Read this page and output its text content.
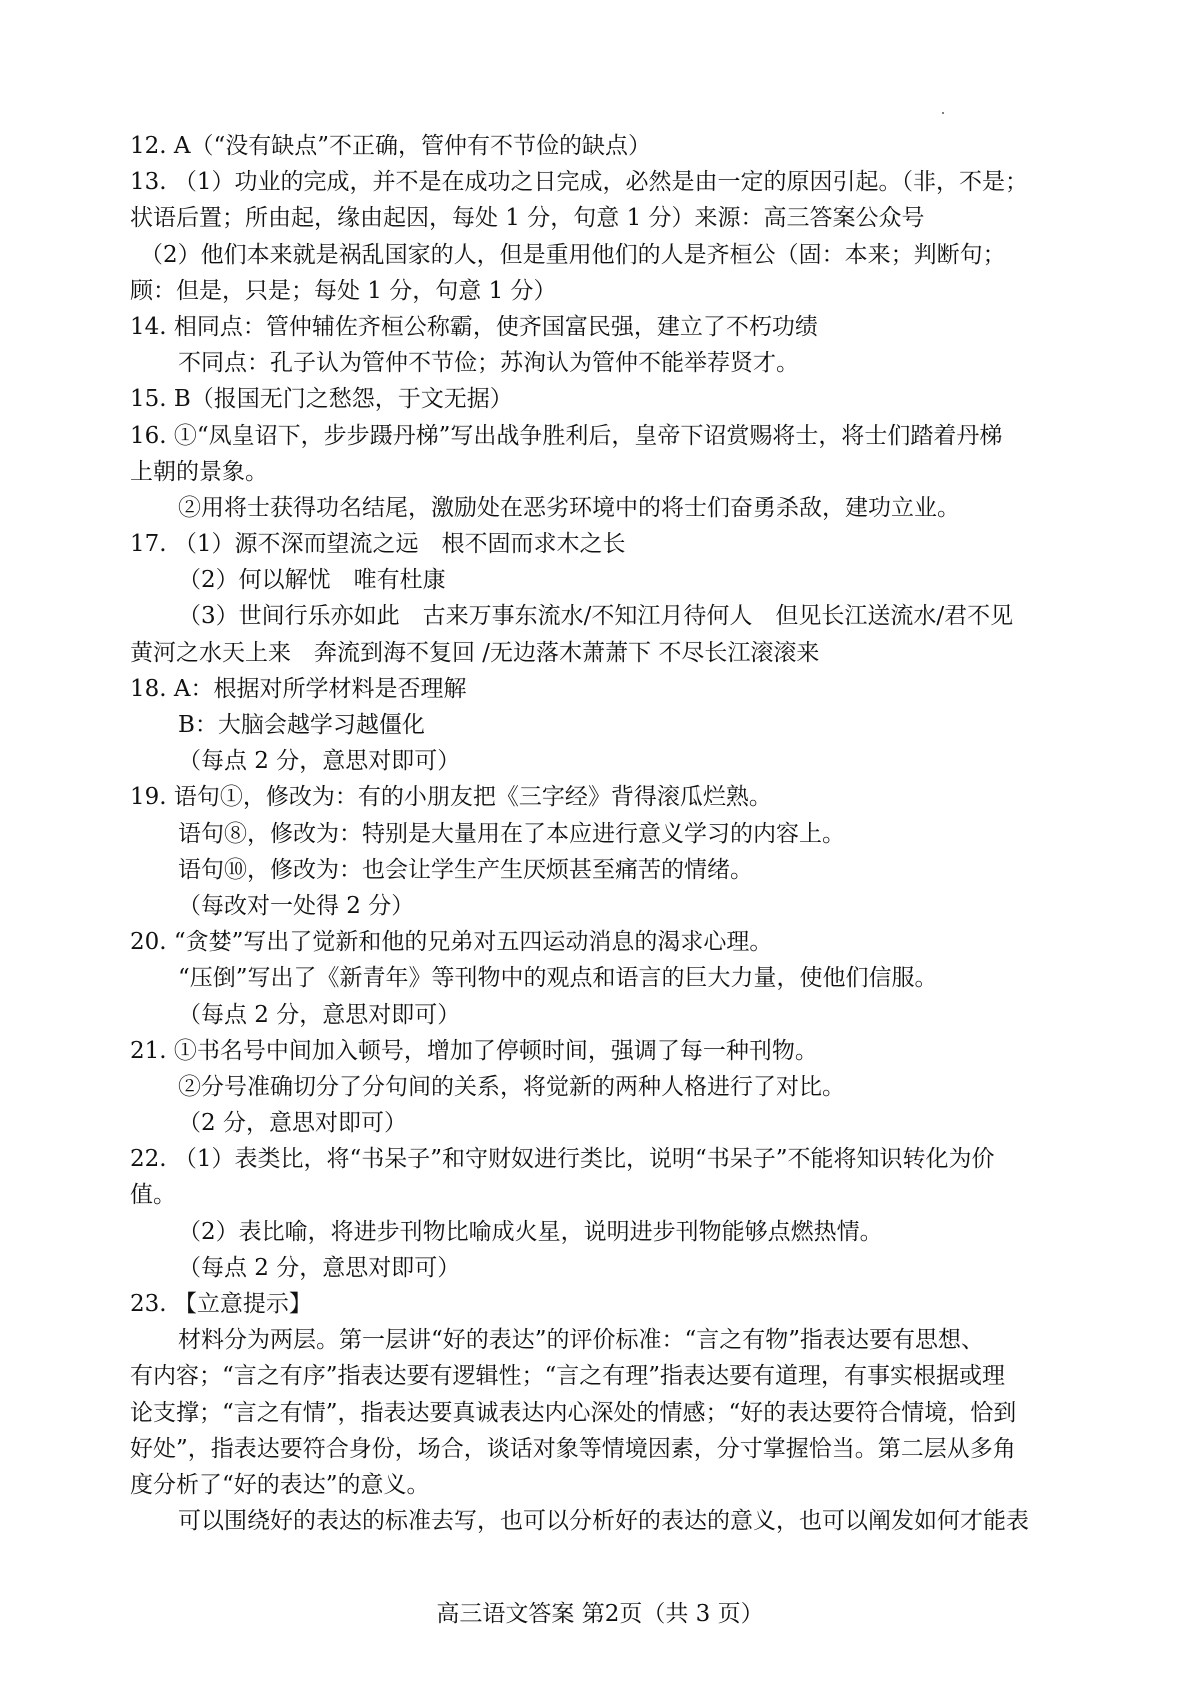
12. A（“没有缺点”不正确，管仲有不节俭的缺点）
13. （1）功业的完成，并不是在成功之日完成，必然是由一定的原因引起。（非，不是；
状语后置；所由起，缘由起因，每处 1 分，句意 1 分）来源：高三答案公众号
（2）他们本来就是祸乱国家的人，但是重用他们的人是齐桓公（固：本来；判断句；
顾：但是，只是；每处 1 分，句意 1 分）
14. 相同点：管仲辅佐齐桓公称霸，使齐国富民强，建立了不朽功绩
不同点：孔子认为管仲不节俭；苏洵认为管仲不能举荐贤才。
15. B（报国无门之愁怨，于文无据）
16. ①“凤皇诏下，步步蹑丹梯”写出战争胜利后，皇帝下诏赏赐将士，将士们踏着丹梯
上朝的景象。
②用将士获得功名结尾，激励处在恶劣环境中的将士们奋勇杀敌，建功立业。
17. （1）源不深而望流之远　根不固而求木之长
（2）何以解忧　唯有杜康
（3）世间行乐亦如此　古来万事东流水/不知江月待何人　但见长江送流水/君不见
黄河之水天上来　奔流到海不复回 /无边落木萧萧下 不尽长江滚滚来
18. A：根据对所学材料是否理解
B：大脑会越学习越僵化
（每点 2 分，意思对即可）
19. 语句①，修改为：有的小朋友把《三字经》背得滚瓜烂熟。
语句⑧，修改为：特别是大量用在了本应进行意义学习的内容上。
语句⑩，修改为：也会让学生产生厌烦甚至痛苦的情绪。
（每改对一处得 2 分）
20. “贪婪”写出了觉新和他的兄弟对五四运动消息的渴求心理。
“压倒”写出了《新青年》等刊物中的观点和语言的巨大力量，使他们信服。
（每点 2 分，意思对即可）
21. ①书名号中间加入顿号，增加了停顿时间，强调了每一种刊物。
②分号准确切分了分句间的关系，将觉新的两种人格进行了对比。
（2 分，意思对即可）
22. （1）表类比，将“书呆子”和守财奴进行类比，说明“书呆子”不能将知识转化为价
值。
（2）表比喻，将进步刊物比喻成火星，说明进步刊物能够点燃热情。
（每点 2 分，意思对即可）
23. 【立意提示】
材料分为两层。第一层讲“好的表达”的评价标准：“言之有物”指表达要有思想、
有内容；“言之有序”指表达要有逻辑性；“言之有理”指表达要有道理，有事实根据或理
论支撑；“言之有情”，指表达要真诚表达内心深处的情感；“好的表达要符合情境，恰到
好处”，指表达要符合身份，场合，谈话对象等情境因素，分寸掌握恰当。第二层从多角
度分析了“好的表达”的意义。
可以围绕好的表达的标准去写，也可以分析好的表达的意义，也可以阐发如何才能表
高三语文答案 第2页（共 3 页）
